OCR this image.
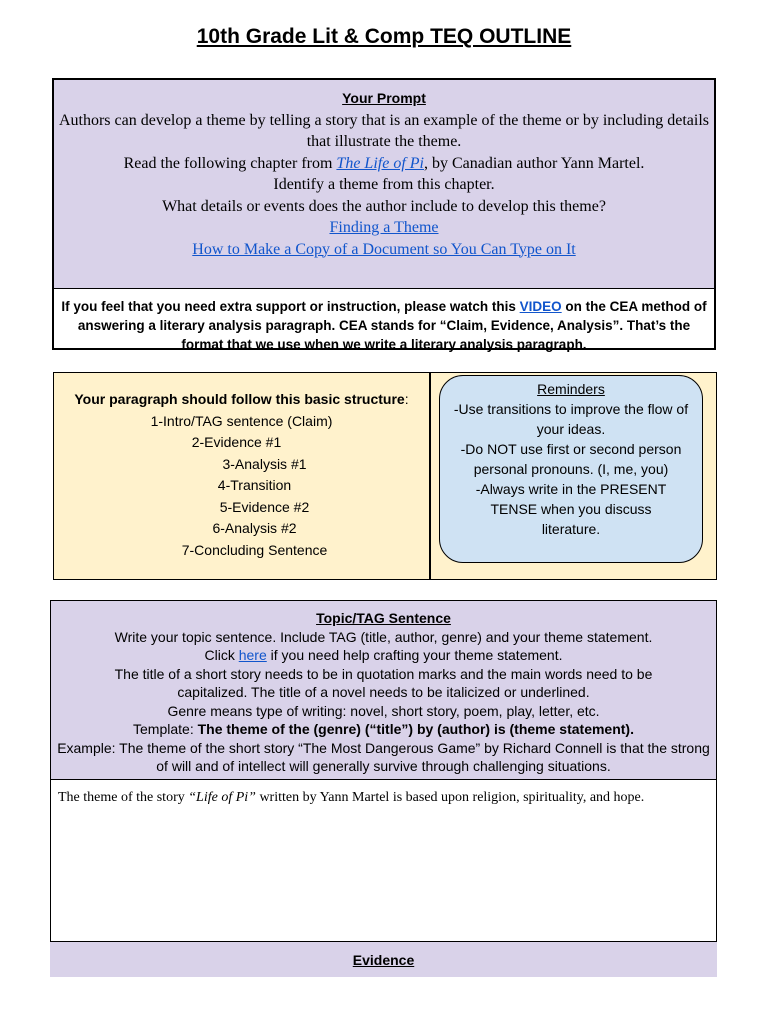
10th Grade Lit & Comp TEQ OUTLINE
Your Prompt
Authors can develop a theme by telling a story that is an example of the theme or by including details that illustrate the theme.
Read the following chapter from The Life of Pi, by Canadian author Yann Martel.
Identify a theme from this chapter.
What details or events does the author include to develop this theme?
Finding a Theme
How to Make a Copy of a Document so You Can Type on It
If you feel that you need extra support or instruction, please watch this VIDEO on the CEA method of answering a literary analysis paragraph. CEA stands for “Claim, Evidence, Analysis”. That’s the format that we use when we write a literary analysis paragraph.
Your paragraph should follow this basic structure:
1-Intro/TAG sentence (Claim)
2-Evidence #1
3-Analysis #1
4-Transition
5-Evidence #2
6-Analysis #2
7-Concluding Sentence
Reminders
-Use transitions to improve the flow of your ideas.
-Do NOT use first or second person personal pronouns. (I, me, you)
-Always write in the PRESENT TENSE when you discuss literature.
Topic/TAG Sentence
Write your topic sentence. Include TAG (title, author, genre) and your theme statement.
Click here if you need help crafting your theme statement.
The title of a short story needs to be in quotation marks and the main words need to be capitalized. The title of a novel needs to be italicized or underlined.
Genre means type of writing: novel, short story, poem, play, letter, etc.
Template: The theme of the (genre) (“title”) by (author) is (theme statement).
Example: The theme of the short story “The Most Dangerous Game” by Richard Connell is that the strong of will and of intellect will generally survive through challenging situations.
The theme of the story “Life of Pi” written by Yann Martel is based upon religion, spirituality, and hope.
Evidence
